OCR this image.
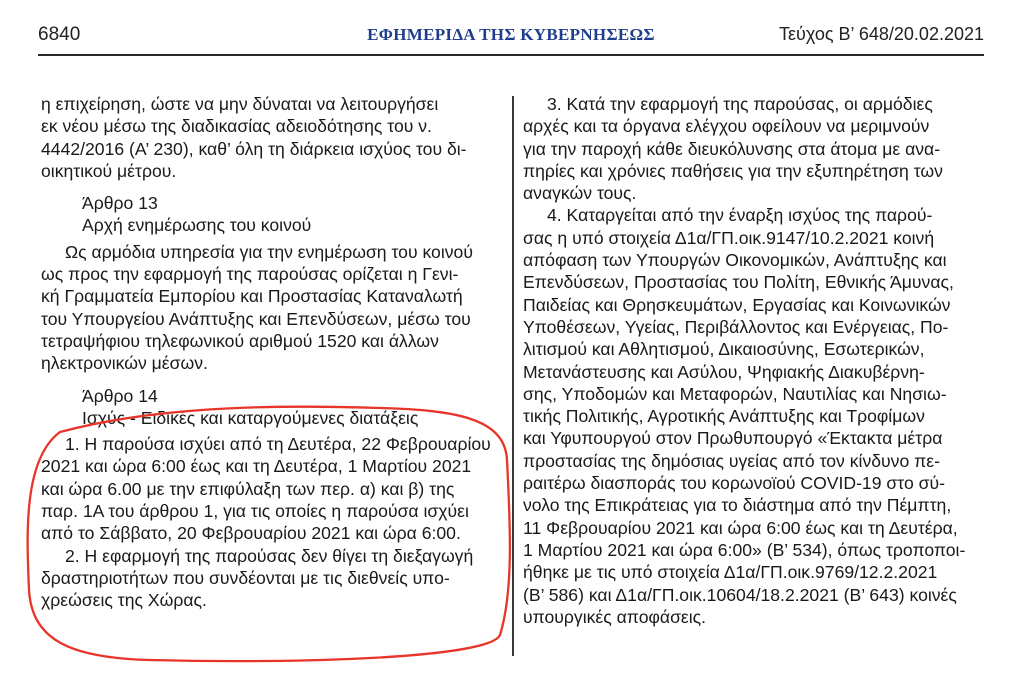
6840	ΕΦΗΜΕΡΙΔΑ ΤΗΣ ΚΥΒΕΡΝΗΣΕΩΣ	Τεύχος Β’ 648/20.02.2021

η επιχείρηση, ώστε να μην δύναται να λειτουργήσει

εκ νέου μέσω της διαδικασίας αδειοδότησης του ν.

4442/2016 (Α’ 230), καθ’ όλη τη διάρκεια ισχύος του δι-

οικητικού μέτρου.

Άρθρο 13

Αρχή ενημέρωσης του κοινού

Ως αρμόδια υπηρεσία για την ενημέρωση του κοινού

ως προς την εφαρμογή της παρούσας ορίζεται η Γενι-

κή Γραμματεία Εμπορίου και Προστασίας Καταναλωτή

του Υπουργείου Ανάπτυξης και Επενδύσεων, μέσω του

τετραψήφιου τηλεφωνικού αριθμού 1520 και άλλων

ηλεκτρονικών μέσων.

Άρθρο 14

Ισχύς - Ειδικές και καταργούμενες διατάξεις

1. Η παρούσα ισχύει από τη Δευτέρα, 22 Φεβρουαρίου

2021 και ώρα 6:00 έως και τη Δευτέρα, 1 Μαρτίου 2021

και ώρα 6.00 με την επιφύλαξη των περ. α) και β) της

παρ. 1Α του άρθρου 1, για τις οποίες η παρούσα ισχύει

από το Σάββατο, 20 Φεβρουαρίου 2021 και ώρα 6:00.

2. Η εφαρμογή της παρούσας δεν θίγει τη διεξαγωγή

δραστηριοτήτων που συνδέονται με τις διεθνείς υπο-

χρεώσεις της Χώρας.

3. Κατά την εφαρμογή της παρούσας, οι αρμόδιες

αρχές και τα όργανα ελέγχου οφείλουν να μεριμνούν

για την παροχή κάθε διευκόλυνσης στα άτομα με ανα-

πηρίες και χρόνιες παθήσεις για την εξυπηρέτηση των

αναγκών τους.

4. Καταργείται από την έναρξη ισχύος της παρού-

σας η υπό στοιχεία Δ1α/ΓΠ.οικ.9147/10.2.2021 κοινή

απόφαση των Υπουργών Οικονομικών, Ανάπτυξης και

Επενδύσεων, Προστασίας του Πολίτη, Εθνικής Άμυνας,

Παιδείας και Θρησκευμάτων, Εργασίας και Κοινωνικών

Υποθέσεων, Υγείας, Περιβάλλοντος και Ενέργειας, Πο-

λιτισμού και Αθλητισμού, Δικαιοσύνης, Εσωτερικών,

Μετανάστευσης και Ασύλου, Ψηφιακής Διακυβέρνη-

σης, Υποδομών και Μεταφορών, Ναυτιλίας και Νησιω-

τικής Πολιτικής, Αγροτικής Ανάπτυξης και Τροφίμων

και Υφυπουργού στον Πρωθυπουργό «Έκτακτα μέτρα

προστασίας της δημόσιας υγείας από τον κίνδυνο πε-

ραιτέρω διασποράς του κορωνοϊού COVID-19 στο σύ-

νολο της Επικράτειας για το διάστημα από την Πέμπτη,

11 Φεβρουαρίου 2021 και ώρα 6:00 έως και τη Δευτέρα,

1 Μαρτίου 2021 και ώρα 6:00» (Β’ 534), όπως τροποποι-

ήθηκε με τις υπό στοιχεία Δ1α/ΓΠ.οικ.9769/12.2.2021

(Β’ 586) και Δ1α/ΓΠ.οικ.10604/18.2.2021 (Β’ 643) κοινές

υπουργικές αποφάσεις.
